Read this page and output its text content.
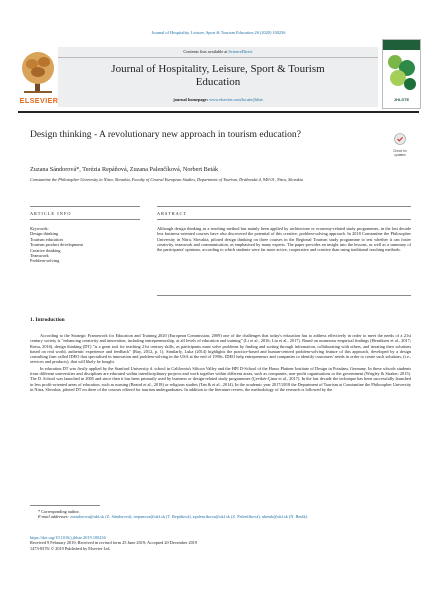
Journal of Hospitality, Leisure, Sport & Tourism Education 26 (2020) 100236
ELSEVIER
Contents lists available at ScienceDirect
Journal of Hospitality, Leisure, Sport & Tourism Education
journal homepage: www.elsevier.com/locate/jhlste	JHLSTE
Design thinking - A revolutionary new approach in tourism education?
Check for updates
Zuzana Sándorová*, Terézia Repáňová, Zuzana Palenčíková, Norbert Beták
Constantine the Philosopher University in Nitra, Slovakia, Faculty of Central European Studies, Department of Tourism, Drážovská 4, 949 01, Nitra, Slovakia
A R T I C L E   I N F O	A B S T R A C T
Keywords:
Design thinking
Tourism education
Tourism product development
Creative thinking
Teamwork
Problem-solving
Although design thinking as a teaching method has mainly been applied by architecture or economy-related study programmes, in the last decade less business-oriented courses have also discovered the potential of this creative, problem-solving approach. In 2018 Constantine the Philosopher University in Nitra, Slovakia, piloted design thinking on three courses in the Regional Tourism study programme to test whether it can foster creativity, teamwork and communication, as emphasised by many experts. The paper provides an insight into the lessons, as well as a summary of the participants' opinions, according to which students were far more active, cooperative and creative than using traditional teaching methods.
1. Introduction

According to the Strategic Framework for Education and Training 2020 (European Commission, 2009) one of the challenges that today's education has to address effectively in order to meet the needs of a 21st century society is "enhancing creativity and innovation, including entrepreneurship, at all levels of education and training" (Li et al., 2016; Liu et al., 2017). Based on numerous empirical findings (Henriksen et al., 2017; Rotsa, 2016), design thinking (DT) "is a great tool for teaching 21st century skills, as participants must solve problems by finding and sorting through information, collaborating with others, and iterating their solutions based on real world, authentic experience and feedback" (Ray, 2012, p. 1). Similarly, Luka (2014) highlights the practice-based and human-centred problem-solving feature of this approach, developed by a design consulting firm called IDEO that specialised in innovation and problem-solving in the USA at the end of 1990s. IDEO help entrepreneurs and companies to identify customers' needs in order to create such solutions, (i.e., services and products), that will likely be bought.

In education DT was firstly applied by the Stanford University d. school in California's Silicon Valley and the HPI D-School of the Hasso Plattner Institute of Design in Potsdam, Germany. In these schools students from different universities and disciplines are educated within interdisciplinary projects and work together within different areas, such as companies, non-profit organisations or the government (Wrigley & Straker, 2015). The D. School was launched in 2005 and since then it has been primarily used by business or design-related study programmes (Çevikér-Çinar et al., 2017). In the last decade the technique has been successfully launched in less profit-oriented areas of education, such as nursing (Beaird et al., 2018) or religious studies (Tan & et al., 2014). In the academic year 2017/2018 the Department of Tourism at Constantine the Philosopher University in Nitra, Slovakia, piloted DT on three of the courses offered for tourism undergraduates. In addition to the literature review, the methodology of the research is followed by the

* Corresponding author.
E-mail addresses: zsandorova@ukf.sk (Z. Sándorová), trepanova@ukf.sk (T. Repáňová), zpalencikova@ukf.sk (Z. Palenčíková), nbetak@ukf.sk (N. Beták).
https://doi.org/10.1016/j.jhlste.2019.100236
Received 9 February 2019; Received in revised form 25 June 2019; Accepted 20 December 2019
1473-8376/ © 2019 Published by Elsevier Ltd.
